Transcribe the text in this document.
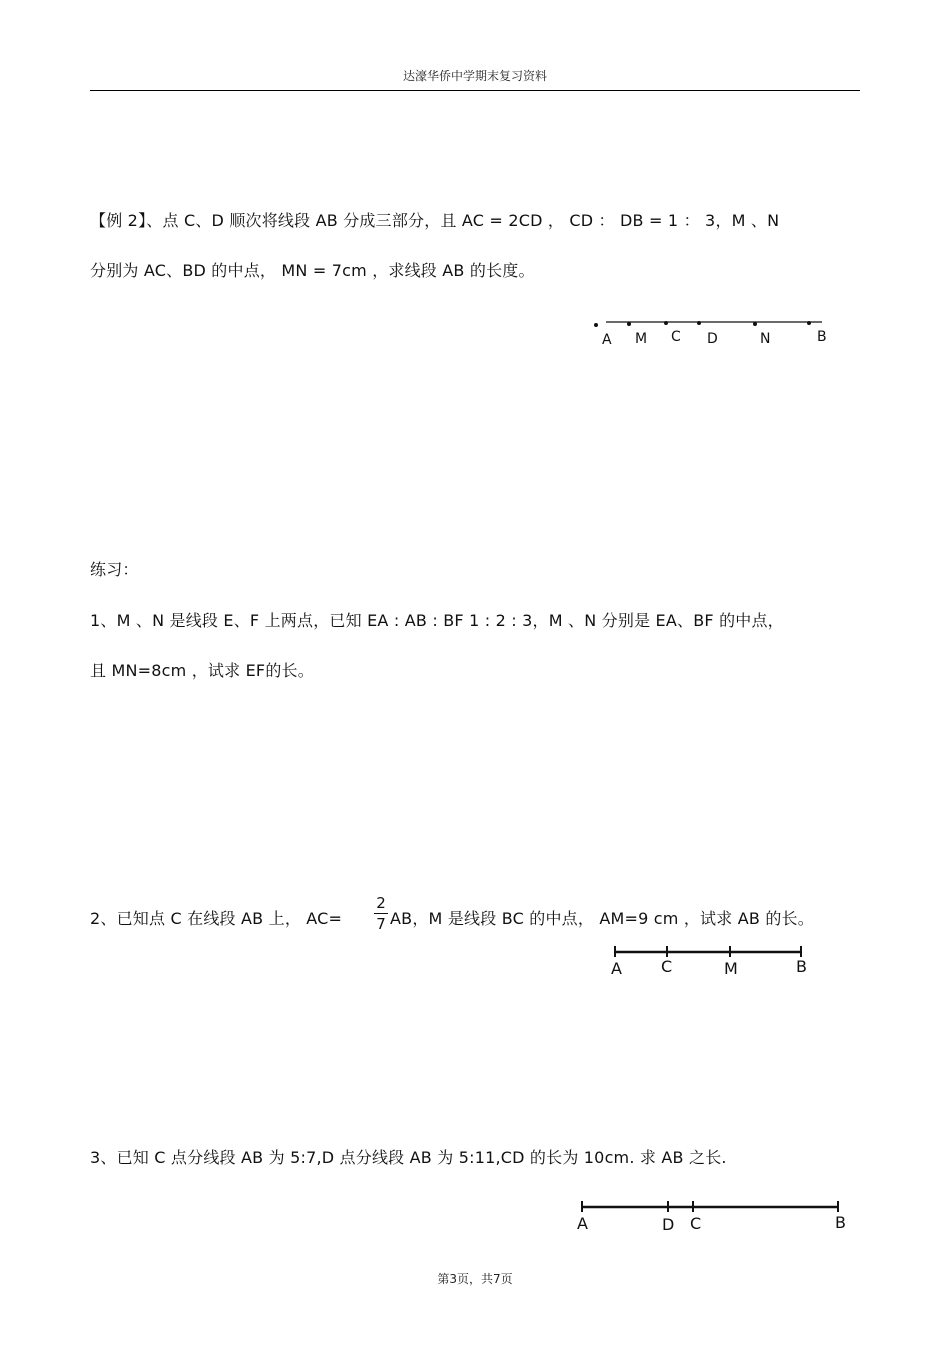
达濠华侨中学期末复习资料
【例 2】、点 C、D 顺次将线段 AB 分成三部分，且 AC = 2CD ， CD ： DB = 1 ： 3，M 、N
分别为 AC、BD 的中点， MN = 7cm ，求线段 AB 的长度。
A M C D	N	B
练习：
1、M 、N 是线段 E、F 上两点，已知 EA : AB : BF 1 : 2 : 3，M 、N 分别是 EA、BF 的中点，
且 MN=8cm ，试求 EF的长。
2、已知点 C 在线段 AB 上， AC=
2
7 AB，M 是线段 BC 的中点， AM=9 cm ，试求 AB 的长。
A C	M	B
3、已知 C 点分线段 AB 为 5:7,D 点分线段 AB 为 5:11,CD 的长为 10cm. 求 AB 之长.
A	D C	B
第3页，共7页
